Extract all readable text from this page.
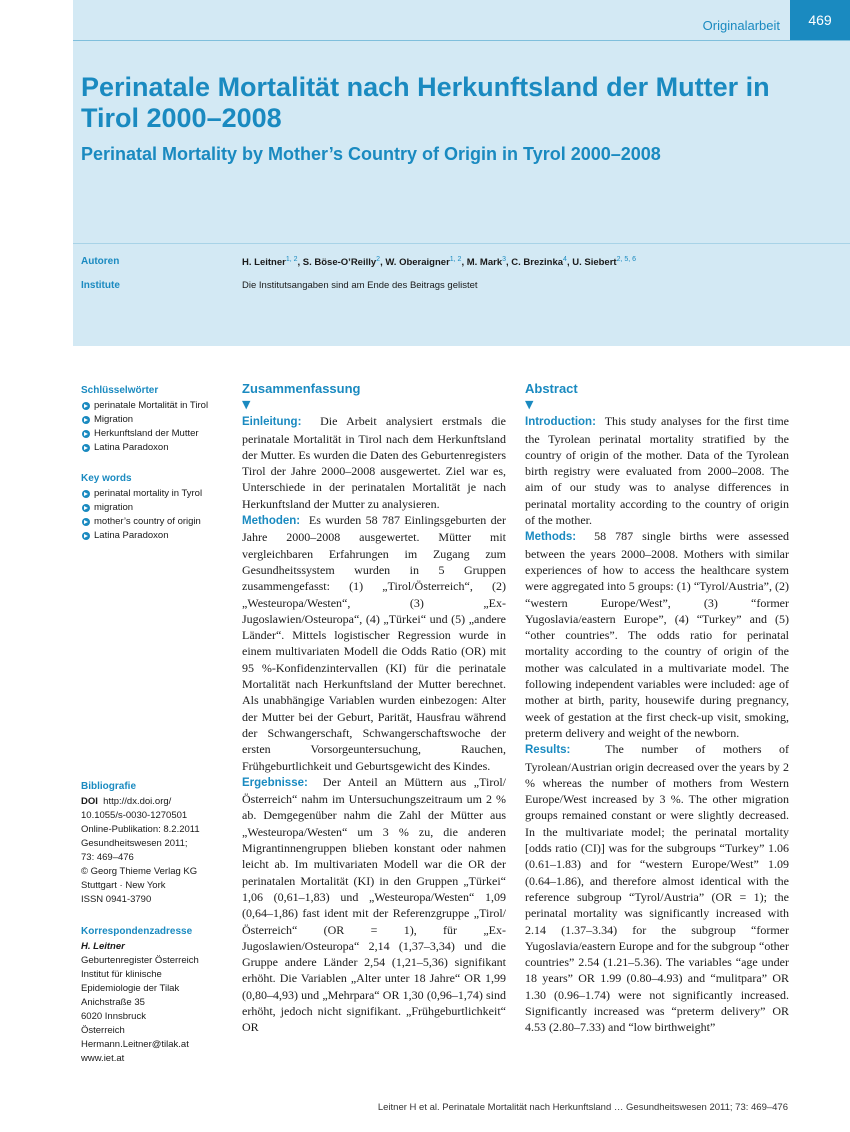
Originalarbeit	469
Perinatale Mortalität nach Herkunftsland der Mutter in Tirol 2000–2008
Perinatal Mortality by Mother’s Country of Origin in Tyrol 2000–2008
Autoren	H. Leitner$^{1, 2}$, S. Böse-O’Reilly$^2$, W. Oberaigner$^{1, 2}$, M. Mark$^3$, C. Brezinka$^4$, U. Siebert$^{2, 5, 6}$
Institute	Die Institutsangaben sind am Ende des Beitrags gelistet
Schlüsselwörter
perinatale Mortalität in Tirol
Migration
Herkunftsland der Mutter
Latina Paradoxon
Key words
perinatal mortality in Tyrol
migration
mother’s country of origin
Latina Paradoxon
Bibliografie
DOI http://dx.doi.org/
10.1055/s-0030-1270501
Online-Publikation: 8.2.2011
Gesundheitswesen 2011;
73: 469–476
© Georg Thieme Verlag KG
Stuttgart · New York
ISSN 0941-3790
Korrespondenzadresse
H. Leitner
Geburtenregister Österreich
Institut für klinische
Epidemiologie der Tilak
Anichstraße 35
6020 Innsbruck
Österreich
Hermann.Leitner@tilak.at
www.iet.at
Zusammenfassung
▼

Einleitung: Die Arbeit analysiert erstmals die perinatale Mortalität in Tirol nach dem Herkunftsland der Mutter. Es wurden die Daten des Geburtenregisters Tirol der Jahre 2000–2008 ausgewertet. Ziel war es, Unterschiede in der perinatalen Mortalität je nach Herkunftsland der Mutter zu analysieren.

Methoden: Es wurden 58 787 Einlingsgeburten der Jahre 2000–2008 ausgewertet. Mütter mit vergleichbaren Erfahrungen im Zugang zum Gesundheitssystem wurden in 5 Gruppen zusammengefasst: (1) „Tirol/Österreich“, (2) „Westeuropa/Westen“, (3) „Ex-Jugoslawien/Osteuropa“, (4) „Türkei“ und (5) „andere Länder“. Mittels logistischer Regression wurde in einem multivariaten Modell die Odds Ratio (OR) mit 95 %-Konfidenzintervallen (KI) für die perinatale Mortalität nach Herkunftsland der Mutter berechnet. Als unabhängige Variablen wurden einbezogen: Alter der Mutter bei der Geburt, Parität, Hausfrau während der Schwangerschaft, Schwangerschaftswoche der ersten Vorsorgeuntersuchung, Rauchen, Frühgeburtlichkeit und Geburtsgewicht des Kindes.

Ergebnisse: Der Anteil an Müttern aus „Tirol/Österreich“ nahm im Untersuchungszeitraum um 2 % ab. Demgegenüber nahm die Zahl der Mütter aus „Westeuropa/Westen“ um 3 % zu, die anderen Migrantinnengruppen blieben konstant oder nahmen leicht ab. Im multivariaten Modell war die OR der perinatalen Mortalität (KI) in den Gruppen „Türkei“ 1,06 (0,61–1,83) und „Westeuropa/Westen“ 1,09 (0,64–1,86) fast ident mit der Referenzgruppe „Tirol/Österreich“ (OR = 1), für „Ex-Jugoslawien/Osteuropa“ 2,14 (1,37–3,34) und die Gruppe andere Länder 2,54 (1,21–5,36) signifikant erhöht. Die Variablen „Alter unter 18 Jahre“ OR 1,99 (0,80–4,93) und „Mehrpara“ OR 1,30 (0,96–1,74) sind erhöht, jedoch nicht signifikant. „Frühgeburtlichkeit“ OR

Abstract
▼

Introduction: This study analyses for the first time the Tyrolean perinatal mortality stratified by the country of origin of the mother. Data of the Tyrolean birth registry were evaluated from 2000–2008. The aim of our study was to analyse differences in perinatal mortality according to the country of origin of the mother.

Methods: 58 787 single births were assessed between the years 2000–2008. Mothers with similar experiences of how to access the healthcare system were aggregated into 5 groups: (1) “Tyrol/Austria”, (2) “western Europe/West”, (3) “former Yugoslavia/eastern Europe”, (4) “Turkey” and (5) “other countries”. The odds ratio for perinatal mortality according to the country of origin of the mother was calculated in a multivariate model. The following independent variables were included: age of mother at birth, parity, housewife during pregnancy, week of gestation at the first check-up visit, smoking, preterm delivery and weight of the newborn.

Results:	The number of mothers of Tyrolean/Austrian origin decreased over the years by 2 % whereas the number of mothers from Western Europe/West increased by 3 %. The other migration groups remained constant or were slightly decreased. In the multivariate model; the perinatal mortality [odds ratio (CI)] was for the subgroups “Turkey” 1.06 (0.61–1.83) and for “western Europe/West” 1.09 (0.64–1.86), and therefore almost identical with the reference subgroup “Tyrol/Austria” (OR = 1); the perinatal mortality was significantly increased with 2.14 (1.37–3.34) for the subgroup “former Yugoslavia/eastern Europe and for the subgroup “other countries” 2.54 (1.21–5.36). The variables “age under 18 years” OR 1.99 (0.80–4.93) and “mulitpara” OR 1.30 (0.96–1.74) were not significantly increased. Significantly increased was “preterm delivery” OR 4.53 (2.80–7.33) and “low birthweight”

Leitner H et al. Perinatale Mortalität nach Herkunftsland … Gesundheitswesen 2011; 73: 469–476
